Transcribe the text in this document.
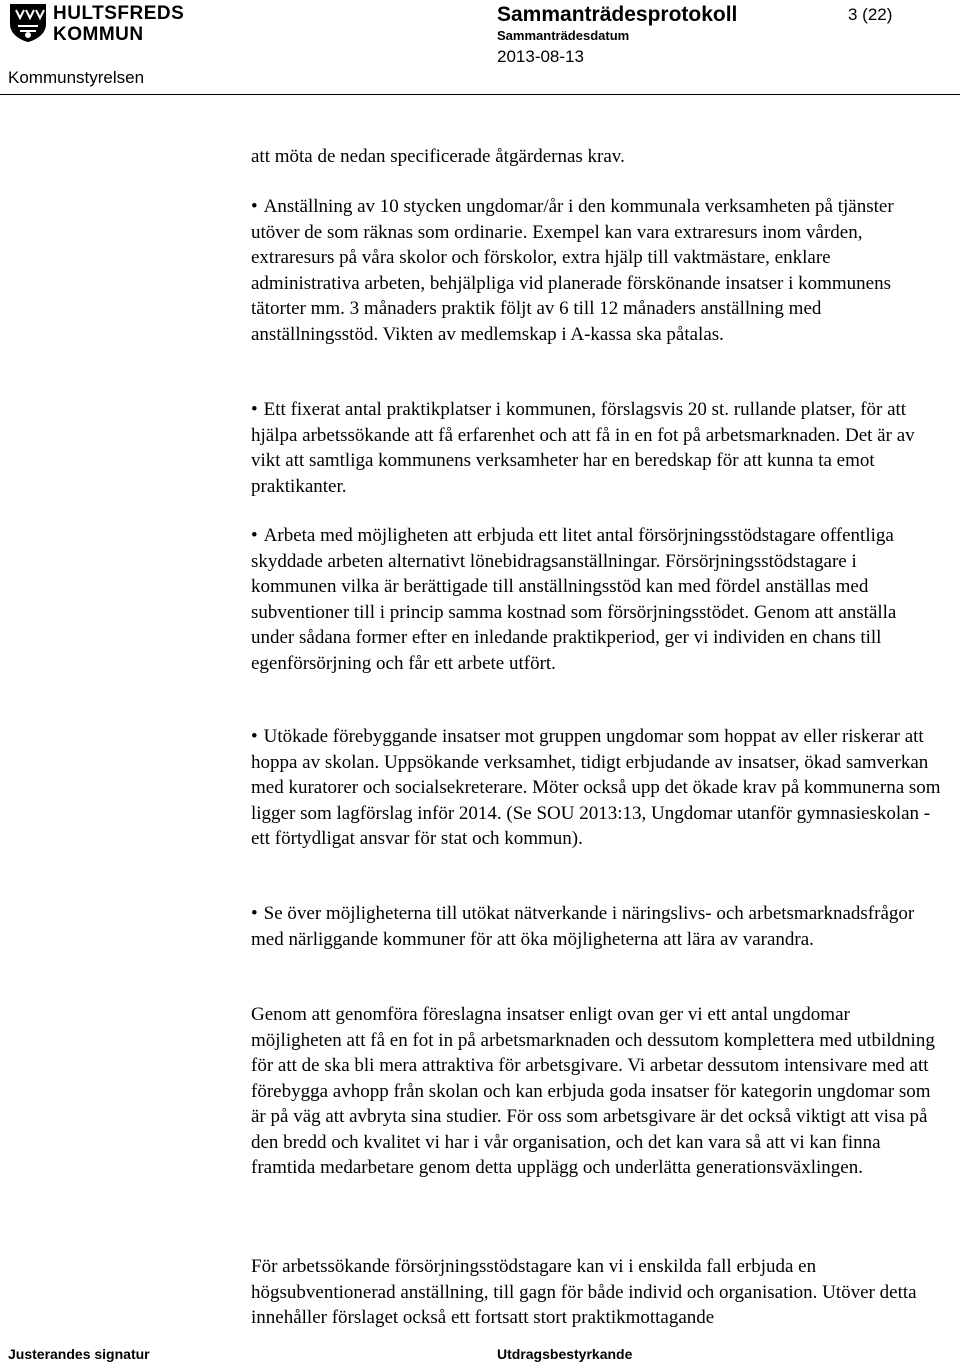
HULTSFREDS
KOMMUN
Sammanträdesprotokoll	3 (22)
Sammanträdesdatum
2013-08-13
Kommunstyrelsen
att möta de nedan specificerade åtgärdernas krav.
• Anställning av 10 stycken ungdomar/år i den kommunala verksamheten på tjänster utöver de som räknas som ordinarie. Exempel kan vara extraresurs inom vården, extraresurs på våra skolor och förskolor, extra hjälp till vaktmästare, enklare administrativa arbeten, behjälpliga vid planerade förskönande insatser i kommunens tätorter mm. 3 månaders praktik följt av 6 till 12 månaders anställning med anställningsstöd. Vikten av medlemskap i A-kassa ska påtalas.
• Ett fixerat antal praktikplatser i kommunen, förslagsvis 20 st. rullande platser, för att hjälpa arbetssökande att få erfarenhet och att få in en fot på arbetsmarknaden. Det är av vikt att samtliga kommunens verksamheter har en beredskap för att kunna ta emot praktikanter.
• Arbeta med möjligheten att erbjuda ett litet antal försörjningsstödstagare offentliga skyddade arbeten alternativt lönebidragsanställningar. Försörjningsstödstagare i kommunen vilka är berättigade till anställningsstöd kan med fördel anställas med subventioner till i princip samma kostnad som försörjningsstödet. Genom att anställa under sådana former efter en inledande praktikperiod, ger vi individen en chans till egenförsörjning och får ett arbete utfört.
• Utökade förebyggande insatser mot gruppen ungdomar som hoppat av eller riskerar att hoppa av skolan. Uppsökande verksamhet, tidigt erbjudande av insatser, ökad samverkan med kuratorer och socialsekreterare. Möter också upp det ökade krav på kommunerna som ligger som lagförslag inför 2014. (Se SOU 2013:13, Ungdomar utanför gymnasieskolan - ett förtydligat ansvar för stat och kommun).
• Se över möjligheterna till utökat nätverkande i näringslivs- och arbetsmarknadsfrågor med närliggande kommuner för att öka möjligheterna att lära av varandra.
Genom att genomföra föreslagna insatser enligt ovan ger vi ett antal ungdomar möjligheten att få en fot in på arbetsmarknaden och dessutom komplettera med utbildning för att de ska bli mera attraktiva för arbetsgivare. Vi arbetar dessutom intensivare med att förebygga avhopp från skolan och kan erbjuda goda insatser för kategorin ungdomar som är på väg att avbryta sina studier. För oss som arbetsgivare är det också viktigt att visa på den bredd och kvalitet vi har i vår organisation, och det kan vara så att vi kan finna framtida medarbetare genom detta upplägg och underlätta generationsväxlingen.
För arbetssökande försörjningsstödstagare kan vi i enskilda fall erbjuda en högsubventionerad anställning, till gagn för både individ och organisation. Utöver detta innehåller förslaget också ett fortsatt stort praktikmottagande
Justerandes signatur	Utdragsbestyrkande
